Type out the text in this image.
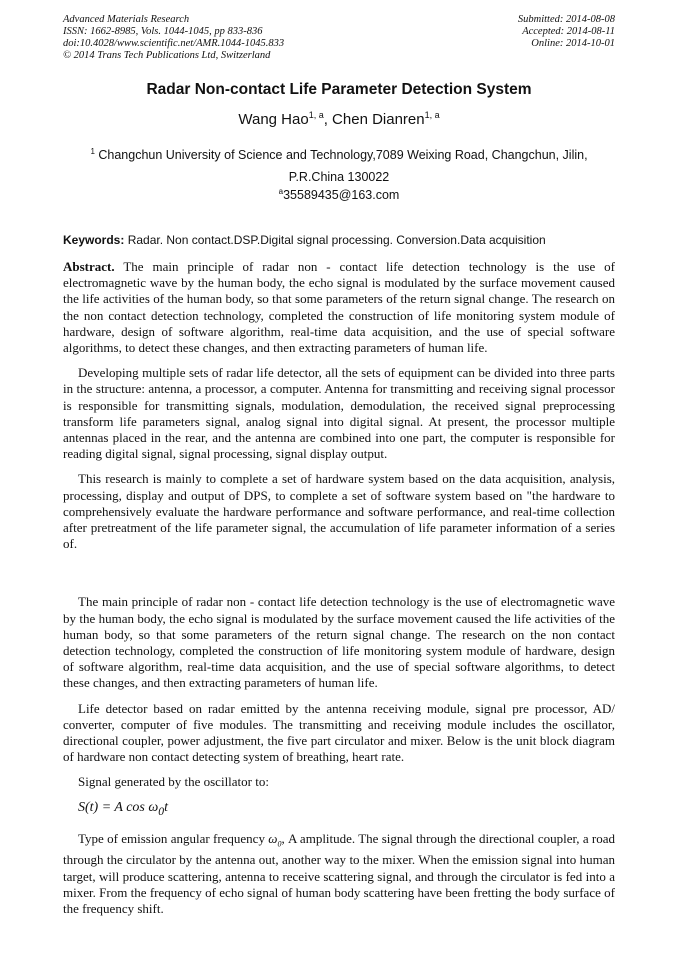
Advanced Materials Research
ISSN: 1662-8985, Vols. 1044-1045, pp 833-836
doi:10.4028/www.scientific.net/AMR.1044-1045.833
© 2014 Trans Tech Publications Ltd, Switzerland
Submitted: 2014-08-08
Accepted: 2014-08-11
Online: 2014-10-01
Radar Non-contact Life Parameter Detection System
Wang Hao$^{1, a}$, Chen Dianren$^{1, a}$
$^1$ Changchun University of Science and Technology,7089 Weixing Road, Changchun, Jilin,
P.R.China 130022
$^a$35589435@163.com
Keywords: Radar. Non contact.DSP.Digital signal processing. Conversion.Data acquisition

Abstract. The main principle of radar non - contact life detection technology is the use of electromagnetic wave by the human body, the echo signal is modulated by the surface movement caused the life activities of the human body, so that some parameters of the return signal change. The research on the non contact detection technology, completed the construction of life monitoring system module of hardware, design of software algorithm, real-time data acquisition, and the use of special software algorithms, to detect these changes, and then extracting parameters of human life.

Developing multiple sets of radar life detector, all the sets of equipment can be divided into three parts in the structure: antenna, a processor, a computer. Antenna for transmitting and receiving signal processor is responsible for transmitting signals, modulation, demodulation, the received signal preprocessing transform life parameters signal, analog signal into digital signal. At present, the processor multiple antennas placed in the rear, and the antenna are combined into one part, the computer is responsible for reading digital signal, signal processing, signal display output.

This research is mainly to complete a set of hardware system based on the data acquisition, analysis, processing, display and output of DPS, to complete a set of software system based on "the hardware to comprehensively evaluate the hardware performance and software performance, and real-time collection after pretreatment of the life parameter signal, the accumulation of life parameter information of a series of.

The main principle of radar non - contact life detection technology is the use of electromagnetic wave by the human body, the echo signal is modulated by the surface movement caused the life activities of the human body, so that some parameters of the return signal change. The research on the non contact detection technology, completed the construction of life monitoring system module of hardware, design of software algorithm, real-time data acquisition, and the use of special software algorithms, to detect these changes, and then extracting parameters of human life.

Life detector based on radar emitted by the antenna receiving module, signal pre processor, AD/ converter, computer of five modules. The transmitting and receiving module includes the oscillator, directional coupler, power adjustment, the five part circulator and mixer. Below is the unit block diagram of hardware non contact detecting system of breathing, heart rate.

Signal generated by the oscillator to:

S(t) = A $\cos \omega_0t$

Type of emission angular frequency $\omega_0$, A amplitude. The signal through the directional coupler, a road through the circulator by the antenna out, another way to the mixer. When the emission signal into human target, will produce scattering, antenna to receive scattering signal, and through the circulator is fed into a mixer. From the frequency of echo signal of human body scattering have been fretting the body surface of the frequency shift.
